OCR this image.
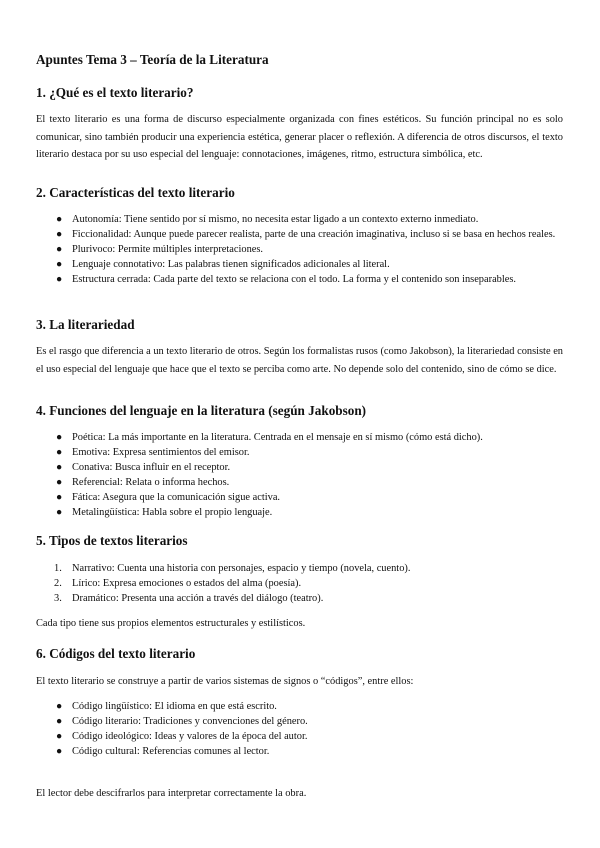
Apuntes Tema 3 – Teoría de la Literatura
1. ¿Qué es el texto literario?

El texto literario es una forma de discurso especialmente organizada con fines estéticos. Su función principal no es solo comunicar, sino también producir una experiencia estética, generar placer o reflexión. A diferencia de otros discursos, el texto literario destaca por su uso especial del lenguaje: connotaciones, imágenes, ritmo, estructura simbólica, etc.

2. Características del texto literario
● Autonomía: Tiene sentido por sí mismo, no necesita estar ligado a un contexto externo inmediato.
● Ficcionalidad: Aunque puede parecer realista, parte de una creación imaginativa, incluso si se basa en hechos reales.
● Plurivoco: Permite múltiples interpretaciones.
● Lenguaje connotativo: Las palabras tienen significados adicionales al literal.
● Estructura cerrada: Cada parte del texto se relaciona con el todo. La forma y el contenido son inseparables.
3. La literariedad

Es el rasgo que diferencia a un texto literario de otros. Según los formalistas rusos (como Jakobson), la literariedad consiste en el uso especial del lenguaje que hace que el texto se perciba como arte. No depende solo del contenido, sino de cómo se dice.

4. Funciones del lenguaje en la literatura (según Jakobson)
● Poética: La más importante en la literatura. Centrada en el mensaje en sí mismo (cómo está dicho).
● Emotiva: Expresa sentimientos del emisor.
● Conativa: Busca influir en el receptor.
● Referencial: Relata o informa hechos.
● Fática: Asegura que la comunicación sigue activa.
● Metalingüística: Habla sobre el propio lenguaje.
5. Tipos de textos literarios
1. Narrativo: Cuenta una historia con personajes, espacio y tiempo (novela, cuento).
2. Lírico: Expresa emociones o estados del alma (poesía).
3. Dramático: Presenta una acción a través del diálogo (teatro).

Cada tipo tiene sus propios elementos estructurales y estilísticos.

6. Códigos del texto literario

El texto literario se construye a partir de varios sistemas de signos o “códigos”, entre ellos:

● Código lingüístico: El idioma en que está escrito.
● Código literario: Tradiciones y convenciones del género.
● Código ideológico: Ideas y valores de la época del autor.
● Código cultural: Referencias comunes al lector.

El lector debe descifrarlos para interpretar correctamente la obra.
